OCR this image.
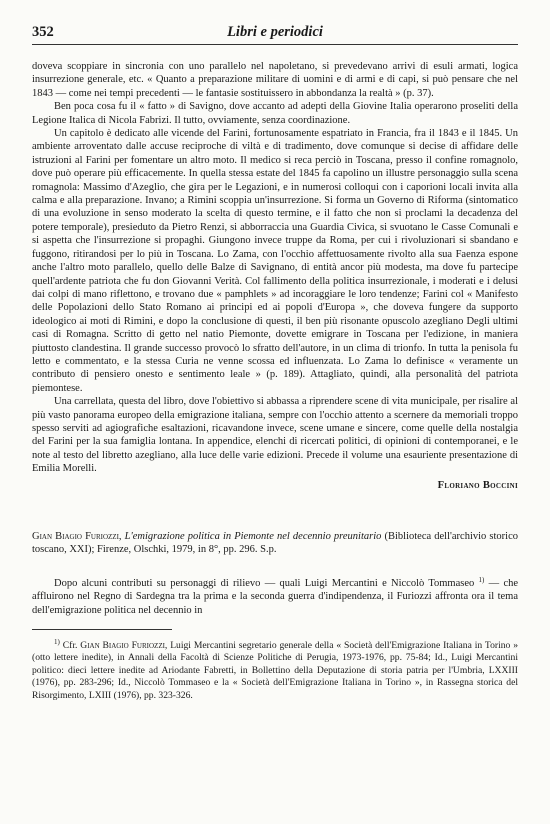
352	Libri e periodici

doveva scoppiare in sincronia con uno parallelo nel napoletano, si prevedevano arrivi di esuli armati, logica insurrezione generale, etc. « Quanto a preparazione militare di uomini e di armi e di capi, si può pensare che nel 1843 — come nei tempi precedenti — le fantasie sostituissero in abbondanza la realtà » (p. 37).

Ben poca cosa fu il « fatto » di Savigno, dove accanto ad adepti della Giovine Italia operarono proseliti della Legione Italica di Nicola Fabrizi. Il tutto, ovviamente, senza coordinazione.

Un capitolo è dedicato alle vicende del Farini, fortunosamente espatriato in Francia, fra il 1843 e il 1845. Un ambiente arroventato dalle accuse reciproche di viltà e di tradimento, dove comunque si decise di affidare delle istruzioni al Farini per fomentare un altro moto. Il medico si reca perciò in Toscana, presso il confine romagnolo, dove può operare più efficacemente. In quella stessa estate del 1845 fa capolino un illustre personaggio sulla scena romagnola: Massimo d'Azeglio, che gira per le Legazioni, e in numerosi colloqui con i caporioni locali invita alla calma e alla preparazione. Invano; a Rimini scoppia un'insurrezione. Si forma un Governo di Riforma (sintomatico di una evoluzione in senso moderato la scelta di questo termine, e il fatto che non si proclami la decadenza del potere temporale), presieduto da Pietro Renzi, si abborraccia una Guardia Civica, si svuotano le Casse Comunali e si aspetta che l'insurrezione si propaghi. Giungono invece truppe da Roma, per cui i rivoluzionari si sbandano e fuggono, ritirandosi per lo più in Toscana. Lo Zama, con l'occhio affettuosamente rivolto alla sua Faenza espone anche l'altro moto parallelo, quello delle Balze di Savignano, di entità ancor più modesta, ma dove fu partecipe quell'ardente patriota che fu don Giovanni Verità. Col fallimento della politica insurrezionale, i moderati e i delusi dai colpi di mano riflettono, e trovano due « pamphlets » ad incoraggiare le loro tendenze; Farini col « Manifesto delle Popolazioni dello Stato Romano ai principi ed ai popoli d'Europa », che doveva fungere da supporto ideologico ai moti di Rimini, e dopo la conclusione di questi, il ben più risonante opuscolo azegliano Degli ultimi casi di Romagna. Scritto di getto nel natio Piemonte, dovette emigrare in Toscana per l'edizione, in maniera piuttosto clandestina. Il grande successo provocò lo sfratto dell'autore, in un clima di trionfo. In tutta la penisola fu letto e commentato, e la stessa Curia ne venne scossa ed influenzata. Lo Zama lo definisce « veramente un contributo di pensiero onesto e sentimento leale » (p. 189). Attagliato, quindi, alla personalità del patriota piemontese.

Una carrellata, questa del libro, dove l'obiettivo si abbassa a riprendere scene di vita municipale, per risalire al più vasto panorama europeo della emigrazione italiana, sempre con l'occhio attento a scernere da memoriali troppo spesso serviti ad agiografiche esaltazioni, ricavandone invece, scene umane e sincere, come quelle della nostalgia del Farini per la sua famiglia lontana. In appendice, elenchi di ricercati politici, di opinioni di contemporanei, e le note al testo del libretto azegliano, alla luce delle varie edizioni. Precede il volume una esauriente presentazione di Emilia Morelli.

Floriano Boccini

Gian Biagio Furiozzi, L'emigrazione politica in Piemonte nel decennio preunitario (Biblioteca dell'archivio storico toscano, XXI); Firenze, Olschki, 1979, in 8°, pp. 296. S.p.

Dopo alcuni contributi su personaggi di rilievo — quali Luigi Mercantini e Niccolò Tommaseo $^{1)}$ — che affluirono nel Regno di Sardegna tra la prima e la seconda guerra d'indipendenza, il Furiozzi affronta ora il tema dell'emigrazione politica nel decennio in

$^{1)}$ Cfr. Gian Biagio Furiozzi, Luigi Mercantini segretario generale della « Società dell'Emigrazione Italiana in Torino » (otto lettere inedite), in Annali della Facoltà di Scienze Politiche di Perugia, 1973-1976, pp. 75-84; Id., Luigi Mercantini politico: dieci lettere inedite ad Ariodante Fabretti, in Bollettino della Deputazione di storia patria per l'Umbria, LXXIII (1976), pp. 283-296; Id., Niccolò Tommaseo e la « Società dell'Emigrazione Italiana in Torino », in Rassegna storica del Risorgimento, LXIII (1976), pp. 323-326.
